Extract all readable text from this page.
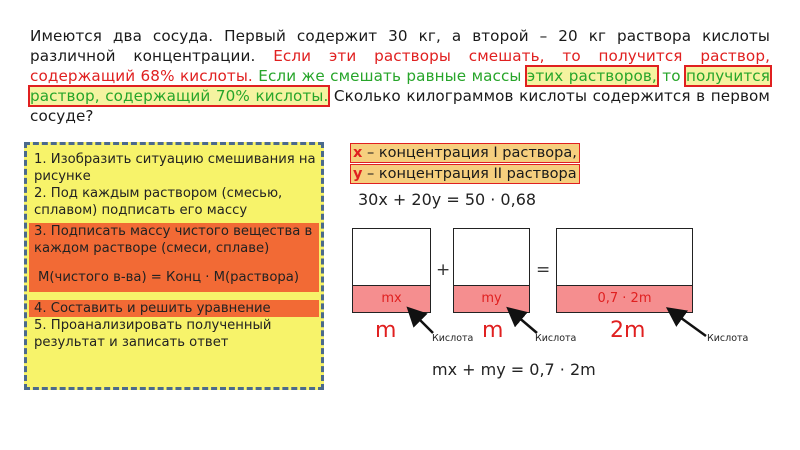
Имеются два сосуда. Первый содержит 30 кг, а второй – 20 кг раствора кислоты различной концентрации. Если эти растворы смешать, то получится раствор, содержащий 68% кислоты. Если же смешать равные массы этих растворов, то получится раствор, содержащий 70% кислоты. Сколько килограммов кислоты содержится в первом сосуде?

1. Изобразить ситуацию смешивания на рисунке

2. Под каждым раствором (смесью, сплавом) подписать его массу

3. Подписать массу чистого вещества в каждом растворе (смеси, сплаве)
M(чистого в-ва) = Конц · M(раствора)

4. Составить и решить уравнение

5. Проанализировать полученный результат и записать ответ

x – концентрация I раствора,
y – концентрация II раствора
30x + 20y = 50 · 0,68
mx	my	0,7 · 2m
+	=
m	m	2m
Кислота	Кислота	Кислота
mx + my = 0,7 · 2m
